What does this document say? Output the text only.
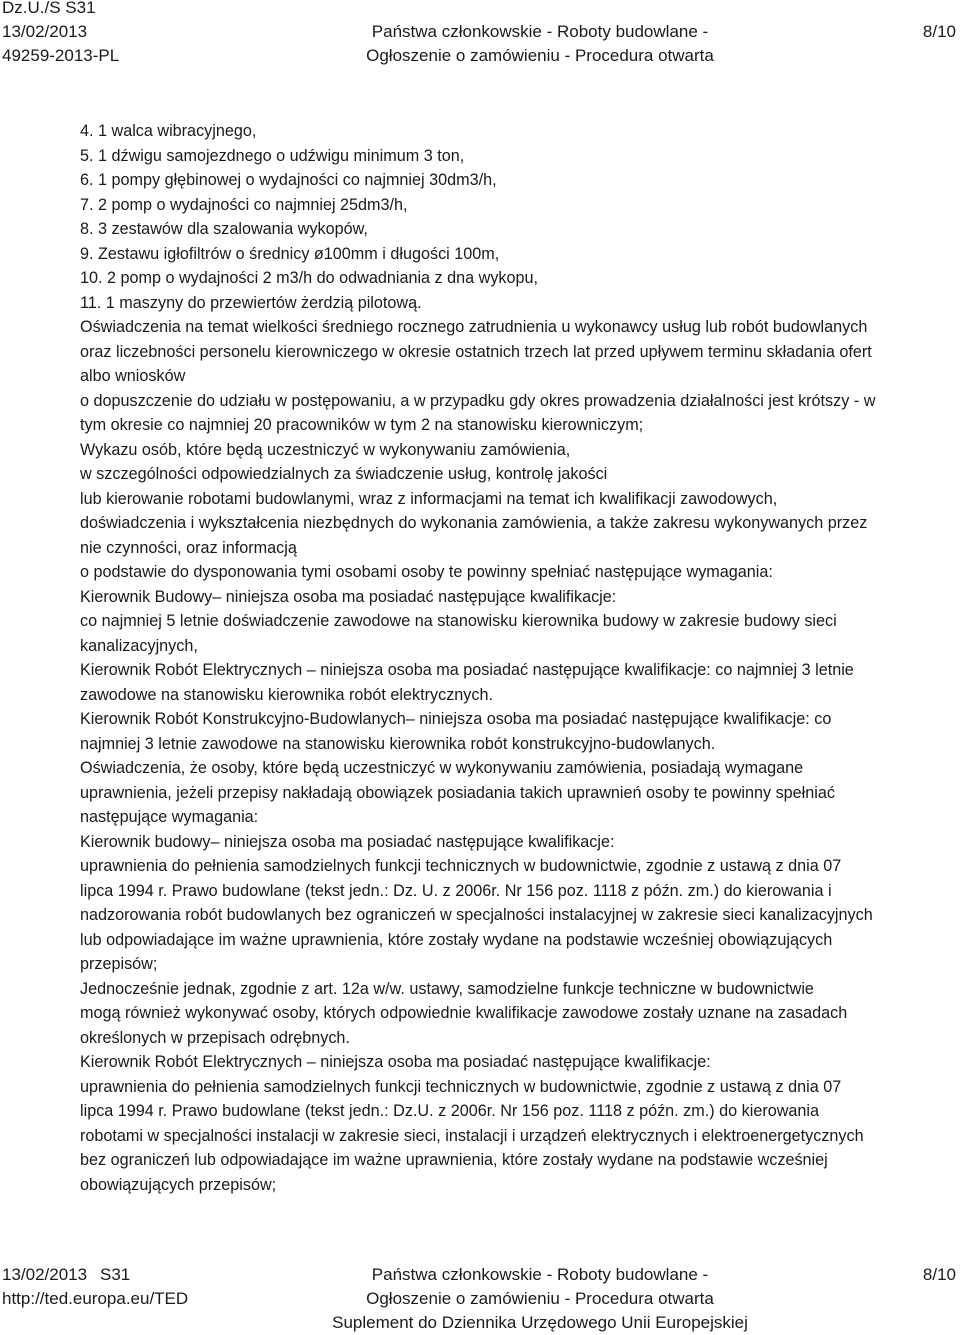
Dz.U./S S31
13/02/2013
49259-2013-PL
Państwa członkowskie - Roboty budowlane -
Ogłoszenie o zamówieniu - Procedura otwarta
8/10
4. 1 walca wibracyjnego,
5. 1 dźwigu samojezdnego o udźwigu minimum 3 ton,
6. 1 pompy głębinowej o wydajności co najmniej 30dm3/h,
7. 2 pomp o wydajności co najmniej 25dm3/h,
8. 3 zestawów dla szalowania wykopów,
9. Zestawu igłofiltrów o średnicy ø100mm i długości 100m,
10. 2 pomp o wydajności 2 m3/h do odwadniania z dna wykopu,
11. 1 maszyny do przewiertów żerdzią pilotową.
Oświadczenia na temat wielkości średniego rocznego zatrudnienia u wykonawcy usług lub robót budowlanych
oraz liczebności personelu kierowniczego w okresie ostatnich trzech lat przed upływem terminu składania ofert
albo wniosków
o dopuszczenie do udziału w postępowaniu, a w przypadku gdy okres prowadzenia działalności jest krótszy - w
tym okresie co najmniej 20 pracowników w tym 2 na stanowisku kierowniczym;
Wykazu osób, które będą uczestniczyć w wykonywaniu zamówienia,
w szczególności odpowiedzialnych za świadczenie usług, kontrolę jakości
lub kierowanie robotami budowlanymi, wraz z informacjami na temat ich kwalifikacji zawodowych,
doświadczenia i wykształcenia niezbędnych do wykonania zamówienia, a także zakresu wykonywanych przez
nie czynności, oraz informacją
o podstawie do dysponowania tymi osobami osoby te powinny spełniać następujące wymagania:
Kierownik Budowy– niniejsza osoba ma posiadać następujące kwalifikacje:
co najmniej 5 letnie doświadczenie zawodowe na stanowisku kierownika budowy w zakresie budowy sieci
kanalizacyjnych,
Kierownik Robót Elektrycznych – niniejsza osoba ma posiadać następujące kwalifikacje: co najmniej 3 letnie
zawodowe na stanowisku kierownika robót elektrycznych.
Kierownik Robót Konstrukcyjno-Budowlanych– niniejsza osoba ma posiadać następujące kwalifikacje: co
najmniej 3 letnie zawodowe na stanowisku kierownika robót konstrukcyjno-budowlanych.
Oświadczenia, że osoby, które będą uczestniczyć w wykonywaniu zamówienia, posiadają wymagane
uprawnienia, jeżeli przepisy nakładają obowiązek posiadania takich uprawnień osoby te powinny spełniać
następujące wymagania:
Kierownik budowy– niniejsza osoba ma posiadać następujące kwalifikacje:
uprawnienia do pełnienia samodzielnych funkcji technicznych w budownictwie, zgodnie z ustawą z dnia 07
lipca 1994 r. Prawo budowlane (tekst jedn.: Dz. U. z 2006r. Nr 156 poz. 1118 z późn. zm.) do kierowania i
nadzorowania robót budowlanych bez ograniczeń w specjalności instalacyjnej w zakresie sieci kanalizacyjnych
lub odpowiadające im ważne uprawnienia, które zostały wydane na podstawie wcześniej obowiązujących
przepisów;
Jednocześnie jednak, zgodnie z art. 12a w/w. ustawy, samodzielne funkcje techniczne w budownictwie
mogą również wykonywać osoby, których odpowiednie kwalifikacje zawodowe zostały uznane na zasadach
określonych w przepisach odrębnych.
Kierownik Robót Elektrycznych – niniejsza osoba ma posiadać następujące kwalifikacje:
uprawnienia do pełnienia samodzielnych funkcji technicznych w budownictwie, zgodnie z ustawą z dnia 07
lipca 1994 r. Prawo budowlane (tekst jedn.: Dz.U. z 2006r. Nr 156 poz. 1118 z późn. zm.) do kierowania
robotami w specjalności instalacji w zakresie sieci, instalacji i urządzeń elektrycznych i elektroenergetycznych
bez ograniczeń lub odpowiadające im ważne uprawnienia, które zostały wydane na podstawie wcześniej
obowiązujących przepisów;
13/02/2013 S31
http://ted.europa.eu/TED
Państwa członkowskie - Roboty budowlane -
Ogłoszenie o zamówieniu - Procedura otwarta
Suplement do Dziennika Urzędowego Unii Europejskiej
8/10
